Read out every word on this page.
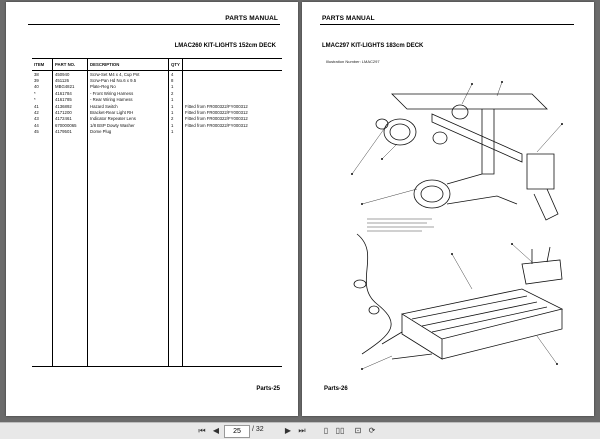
PARTS MANUAL
LMAC260 KIT-LIGHTS 152cm DECK
ITEM	PART NO.	DESCRIPTION	QTY	
38	450940	Scrw-Set M4 x 4, Cup Pnt	4	
39	451126	Scrw-Pan Hd No.6 x 9.5	8	
40	MBG4821	Plate-Reg No	1	
*	4161784	- Front Wiring Harness	2	
*	4161785	- Rear Wiring Harness	1	
41	4136892	Hazard Switch	1	Fitted from FR000322/FY000312
42	4171200	Bracket-Rear Light RH	1	Fitted from FR000322/FY000312
43	4172461	Indicator Repeater Lens	2	Fitted from FR000322/FY000312
44	670000065	1/8 BSP Dowty Washer	1	Fitted from FR000322/FY000312
45	4179501	Dome Plug	1	

Parts-25
PARTS MANUAL
LMAC297 KIT-LIGHTS 183cm DECK
Illustration Number: LMAC297
Parts-26
⏮ ◀
25	/ 32	▶ ⏭	▯ ▯▯	⊡ ⟳
